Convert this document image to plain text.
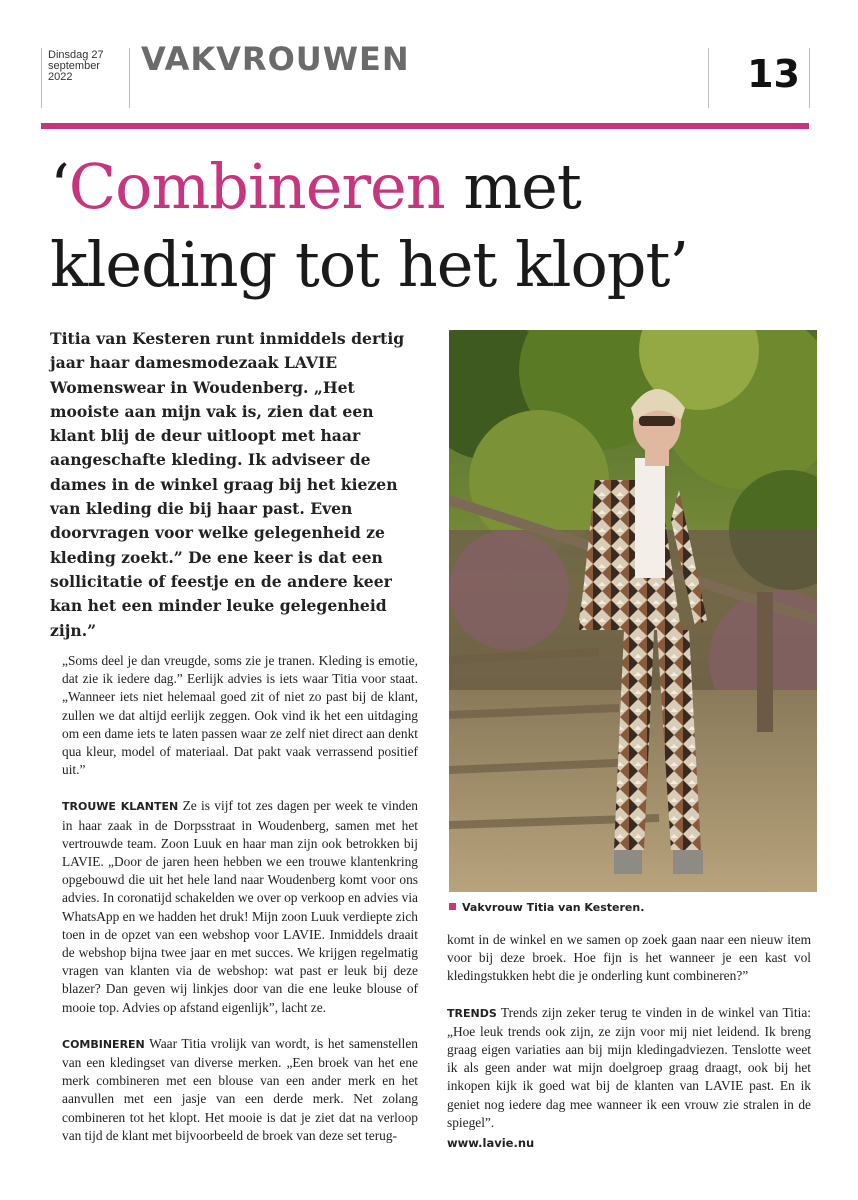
Dinsdag 27
september
2022	VAKVROUWEN	13
‘Combineren met
kleding tot het klopt’
Titia van Kesteren runt inmiddels dertig jaar haar damesmodezaak LAVIE Womenswear in Woudenberg. „Het mooiste aan mijn vak is, zien dat een klant blij de deur uitloopt met haar aangeschafte kleding. Ik adviseer de dames in de winkel graag bij het kiezen van kleding die bij haar past. Even doorvragen voor welke gelegenheid ze kleding zoekt.” De ene keer is dat een sollicitatie of feestje en de andere keer kan het een minder leuke gelegenheid zijn.”

„Soms deel je dan vreugde, soms zie je tranen. Kleding is emotie, dat zie ik iedere dag.” Eerlijk advies is iets waar Titia voor staat. „Wanneer iets niet helemaal goed zit of niet zo past bij de klant, zullen we dat altijd eerlijk zeggen. Ook vind ik het een uitdaging om een dame iets te laten passen waar ze zelf niet direct aan denkt qua kleur, model of materiaal. Dat pakt vaak verrassend positief uit.”

TROUWE KLANTEN Ze is vijf tot zes dagen per week te vinden in haar zaak in de Dorpsstraat in Woudenberg, samen met het vertrouwde team. Zoon Luuk en haar man zijn ook betrokken bij LAVIE. „Door de jaren heen hebben we een trouwe klantenkring opgebouwd die uit het hele land naar Woudenberg komt voor ons advies. In coronatijd schakelden we over op verkoop en advies via WhatsApp en we hadden het druk! Mijn zoon Luuk verdiepte zich toen in de opzet van een webshop voor LAVIE. Inmiddels draait de webshop bijna twee jaar en met succes. We krijgen regelmatig vragen van klanten via de webshop: wat past er leuk bij deze blazer? Dan geven wij linkjes door van die ene leuke blouse of mooie top. Advies op afstand eigenlijk”, lacht ze.

COMBINEREN Waar Titia vrolijk van wordt, is het samenstellen van een kledingset van diverse merken. „Een broek van het ene merk combineren met een blouse van een ander merk en het aanvullen met een jasje van een derde merk. Net zolang combineren tot het klopt. Het mooie is dat je ziet dat na verloop van tijd de klant met bijvoorbeeld de broek van deze set terug-

Vakvrouw Titia van Kesteren.

komt in de winkel en we samen op zoek gaan naar een nieuw item voor bij deze broek. Hoe fijn is het wanneer je een kast vol kledingstukken hebt die je onderling kunt combineren?”

TRENDS Trends zijn zeker terug te vinden in de winkel van Titia: „Hoe leuk trends ook zijn, ze zijn voor mij niet leidend. Ik breng graag eigen variaties aan bij mijn kledingadviezen. Tenslotte weet ik als geen ander wat mijn doelgroep graag draagt, ook bij het inkopen kijk ik goed wat bij de klanten van LAVIE past. En ik geniet nog iedere dag mee wanneer ik een vrouw zie stralen in de spiegel”.

www.lavie.nu
